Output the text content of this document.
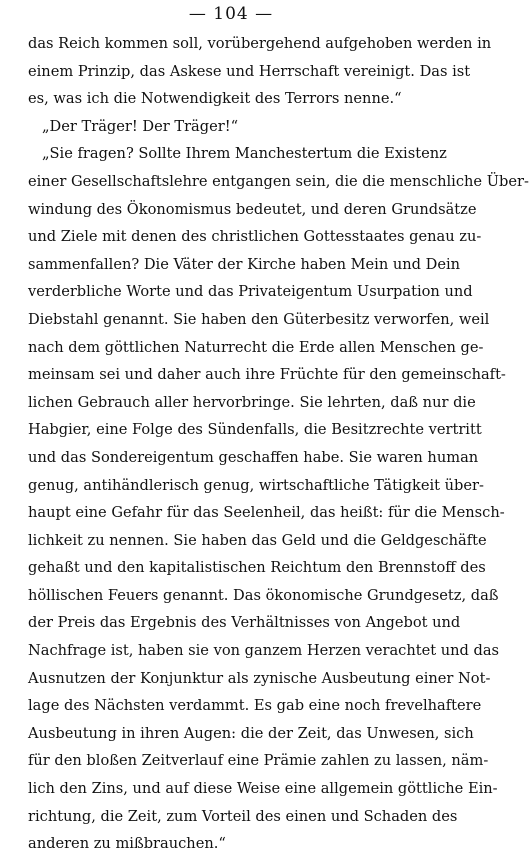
— 104 —
das Reich kommen soll, vorübergehend aufgehoben werden in
einem Prinzip, das Askese und Herrschaft vereinigt. Das ist
es, was ich die Notwendigkeit des Terrors nenne.“
„Der Träger! Der Träger!“
„Sie fragen? Sollte Ihrem Manchestertum die Existenz
einer Gesellschaftslehre entgangen sein, die die menschliche Über-
windung des Ökonomismus bedeutet, und deren Grundsätze
und Ziele mit denen des christlichen Gottesstaates genau zu-
sammenfallen? Die Väter der Kirche haben Mein und Dein
verderbliche Worte und das Privateigentum Usurpation und
Diebstahl genannt. Sie haben den Güterbesitz verworfen, weil
nach dem göttlichen Naturrecht die Erde allen Menschen ge-
meinsam sei und daher auch ihre Früchte für den gemeinschaft-
lichen Gebrauch aller hervorbringe. Sie lehrten, daß nur die
Habgier, eine Folge des Sündenfalls, die Besitzrechte vertritt
und das Sondereigentum geschaffen habe. Sie waren human
genug, antihändlerisch genug, wirtschaftliche Tätigkeit über-
haupt eine Gefahr für das Seelenheil, das heißt: für die Mensch-
lichkeit zu nennen. Sie haben das Geld und die Geldgeschäfte
gehaßt und den kapitalistischen Reichtum den Brennstoff des
höllischen Feuers genannt. Das ökonomische Grundgesetz, daß
der Preis das Ergebnis des Verhältnisses von Angebot und
Nachfrage ist, haben sie von ganzem Herzen verachtet und das
Ausnutzen der Konjunktur als zynische Ausbeutung einer Not-
lage des Nächsten verdammt. Es gab eine noch frevelhaftere
Ausbeutung in ihren Augen: die der Zeit, das Unwesen, sich
für den bloßen Zeitverlauf eine Prämie zahlen zu lassen, näm-
lich den Zins, und auf diese Weise eine allgemein göttliche Ein-
richtung, die Zeit, zum Vorteil des einen und Schaden des
anderen zu mißbrauchen.“
